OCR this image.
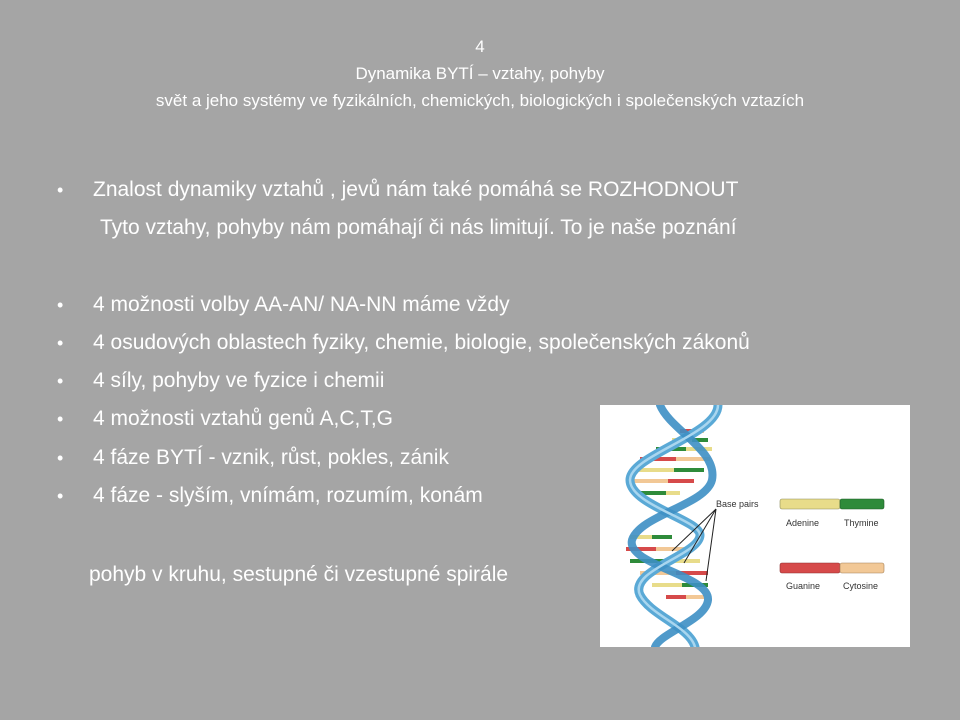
4
Dynamika BYTÍ – vztahy, pohyby
svět a jeho systémy ve fyzikálních, chemických, biologických i společenských vztazích
• Znalost dynamiky vztahů , jevů nám také pomáhá se ROZHODNOUT
Tyto vztahy, pohyby nám pomáhají či nás limitují. To je naše poznání
• 4 možnosti volby AA-AN/ NA-NN máme vždy
• 4 osudových oblastech fyziky, chemie, biologie, společenských zákonů
• 4 síly, pohyby ve fyzice i chemii
• 4 možnosti vztahů genů A,C,T,G
• 4 fáze BYTÍ - vznik, růst, pokles, zánik
• 4 fáze - slyším, vnímám, rozumím, konám
pohyb v kruhu, sestupné či vzestupné spirále
Base pairs
Adenine	Thymine
Guanine	Cytosine
